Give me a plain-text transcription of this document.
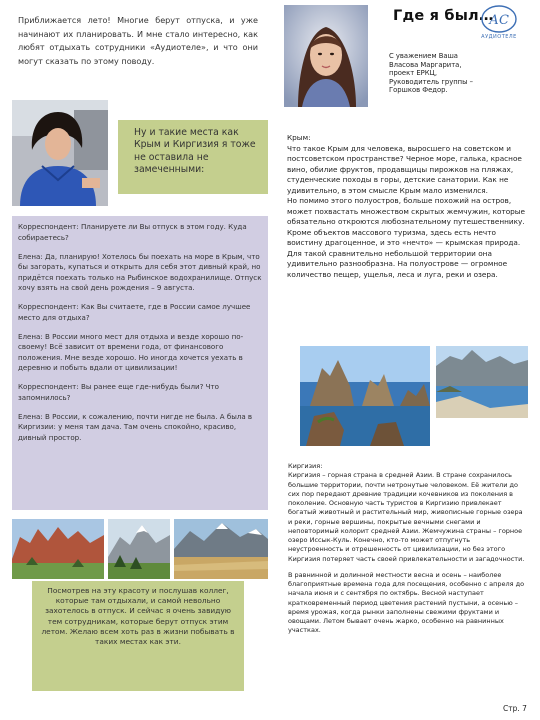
Приближается лето! Многие берут отпуска, и уже начинают их планировать. И мне стало интересно, как любят отдыхать сотрудники «Аудиотеле», и что они могут сказать по этому поводу.

Где я был…
АС
АУДИОТЕЛЕ
С уважением Ваша
Власова Маргарита,
проект ЕРКЦ,
Руководитель группы –
Горшков Федор.
Ну и такие места как Крым и Киргизия я тоже не оставила не замеченными:

Крым:

Что такое Крым для человека, выросшего на советском и постсоветском пространстве? Черное море, галька, красное вино, обилие фруктов, продавщицы пирожков на пляжах, студенческие походы в горы, детские санатории. Как не удивительно, в этом смысле Крым мало изменился.

Но помимо этого полуостров, больше похожий на остров, может похвастать множеством скрытых жемчужин, которые обязательно откроются любознательному путешественнику. Кроме объектов массового туризма, здесь есть нечто воистину драгоценное, и это «нечто» — крымская природа. Для такой сравнительно небольшой территории она удивительно разнообразна. На полуострове — огромное количество пещер, ущелья, леса и луга, реки и озера.

Корреспондент: Планируете ли Вы отпуск в этом году. Куда собираетесь?

Елена: Да, планирую! Хотелось бы поехать на море в Крым, что бы загорать, купаться и открыть для себя этот дивный край, но придётся поехать только на Рыбинское водохранилище. Отпуск хочу взять на свой день рождения – 9 августа.

Корреспондент: Как Вы считаете, где в России самое лучшее место для отдыха?

Елена: В России много мест для отдыха и везде хорошо по-своему! Всё зависит от времени года, от финансового положения. Мне везде хорошо. Но иногда хочется уехать в деревню и побыть вдали от цивилизации!

Корреспондент: Вы ранее еще где-нибудь были? Что запомнилось?

Елена: В России, к сожалению, почти нигде не была. А была в Киргизии: у меня там дача. Там очень спокойно, красиво, дивный простор.

Киргизия:

Киргизия – горная страна в средней Азии. В стране сохранилось большие территории, почти нетронутые человеком. Её жители до сих пор передают древние традиции кочевников из поколения в поколение. Основную часть туристов в Киргизию привлекает богатый животный и растительный мир, живописные горные озера и реки, горные вершины, покрытые вечными снегами и неповторимый колорит средней Азии. Жемчужина страны – горное озеро Иссык-Куль. Конечно, кто-то может отпугнуть неустроенность и отрешенность от цивилизации, но без этого Киргизия потеряет часть своей привлекательности и загадочности.

В равнинной и долинной местности весна и осень – наиболее благоприятные времена года для посещения, особенно с апреля до начала июня и с сентября по октябрь. Весной наступает кратковременный период цветения растений пустыни, а осенью – время урожая, когда рынки заполнены свежими фруктами и овощами. Летом бывает очень жарко, особенно на равнинных участках.

Посмотрев на эту красоту и послушав коллег, которые там отдыхали, и самой невольно захотелось в отпуск. И сейчас я очень завидую тем сотрудникам, которые берут отпуск этим летом. Желаю всем хоть раз в жизни побывать в таких местах как эти.
Стр. 7
